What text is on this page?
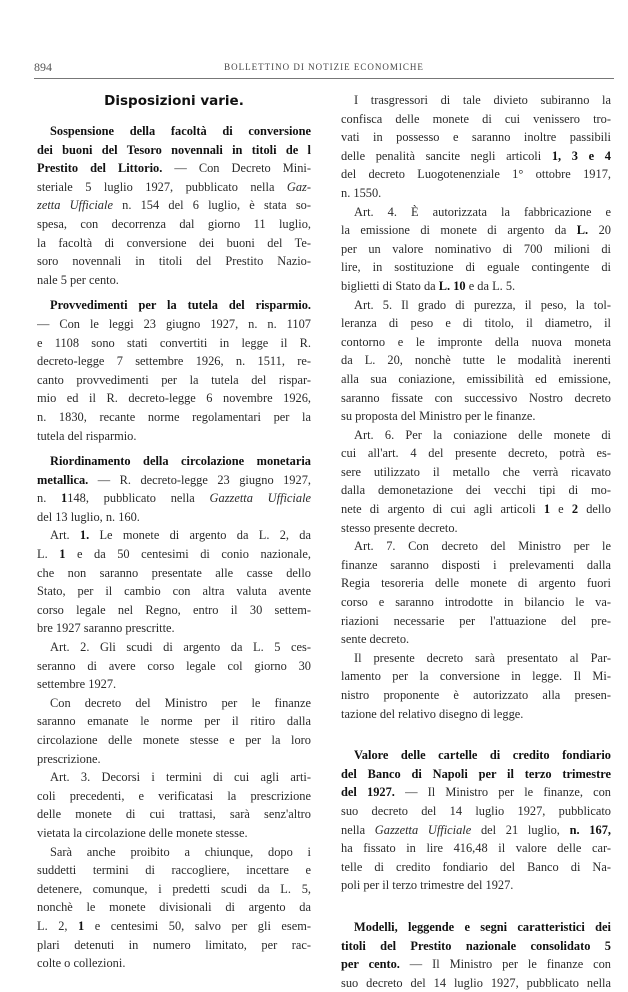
894	BOLLETTINO DI NOTIZIE ECONOMICHE
Disposizioni varie.
Sospensione della facoltà di conversione
dei buoni del Tesoro novennali in titoli de l
Prestito del Littorio. — Con Decreto Mini-
steriale 5 luglio 1927, pubblicato nella Gaz-
zetta Ufficiale n. 154 del 6 luglio, è stata so-
spesa, con decorrenza dal giorno 11 luglio,
la facoltà di conversione dei buoni del Te-
soro novennali in titoli del Prestito Nazio-
nale 5 per cento.
Provvedimenti per la tutela del risparmio.
— Con le leggi 23 giugno 1927, n. n. 1107
e 1108 sono stati convertiti in legge il R.
decreto-legge 7 settembre 1926, n. 1511, re-
canto provvedimenti per la tutela del rispar-
mio ed il R. decreto-legge 6 novembre 1926,
n. 1830, recante norme regolamentari per la
tutela del risparmio.
Riordinamento della circolazione monetaria
metallica. — R. decreto-legge 23 giugno 1927,
n. 1148, pubblicato nella Gazzetta Ufficiale
del 13 luglio, n. 160.
Art. 1. Le monete di argento da L. 2, da
L. 1 e da 50 centesimi di conio nazionale,
che non saranno presentate alle casse dello
Stato, per il cambio con altra valuta avente
corso legale nel Regno, entro il 30 settem-
bre 1927 saranno prescritte.
Art. 2. Gli scudi di argento da L. 5 ces-
seranno di avere corso legale col giorno 30
settembre 1927.
Con decreto del Ministro per le finanze
saranno emanate le norme per il ritiro dalla
circolazione delle monete stesse e per la loro
prescrizione.
Art. 3. Decorsi i termini di cui agli arti-
coli precedenti, e verificatasi la prescrizione
delle monete di cui trattasi, sarà senz'altro
vietata la circolazione delle monete stesse.
Sarà anche proibito a chiunque, dopo i
suddetti termini di raccogliere, incettare e
detenere, comunque, i predetti scudi da L. 5,
nonchè le monete divisionali di argento da
L. 2, 1 e centesimi 50, salvo per gli esem-
plari detenuti in numero limitato, per rac-
colte o collezioni.
I trasgressori di tale divieto subiranno la
confisca delle monete di cui venissero tro-
vati in possesso e saranno inoltre passibili
delle penalità sancite negli articoli 1, 3 e 4
del decreto Luogotenenziale 1° ottobre 1917,
n. 1550.
Art. 4. È autorizzata la fabbricazione e
la emissione di monete di argento da L. 20
per un valore nominativo di 700 milioni di
lire, in sostituzione di eguale contingente di
biglietti di Stato da L. 10 e da L. 5.
Art. 5. Il grado di purezza, il peso, la tol-
leranza di peso e di titolo, il diametro, il
contorno e le impronte della nuova moneta
da L. 20, nonchè tutte le modalità inerenti
alla sua coniazione, emissibilità ed emissione,
saranno fissate con successivo Nostro decreto
su proposta del Ministro per le finanze.
Art. 6. Per la coniazione delle monete di
cui all'art. 4 del presente decreto, potrà es-
sere utilizzato il metallo che verrà ricavato
dalla demonetazione dei vecchi tipi di mo-
nete di argento di cui agli articoli 1 e 2 dello
stesso presente decreto.
Art. 7. Con decreto del Ministro per le
finanze saranno disposti i prelevamenti dalla
Regia tesoreria delle monete di argento fuori
corso e saranno introdotte in bilancio le va-
riazioni necessarie per l'attuazione del pre-
sente decreto.
Il presente decreto sarà presentato al Par-
lamento per la conversione in legge. Il Mi-
nistro proponente è autorizzato alla presen-
tazione del relativo disegno di legge.
Valore delle cartelle di credito fondiario
del Banco di Napoli per il terzo trimestre
del 1927. — Il Ministro per le finanze, con
suo decreto del 14 luglio 1927, pubblicato
nella Gazzetta Ufficiale del 21 luglio, n. 167,
ha fissato in lire 416,48 il valore delle car-
telle di credito fondiario del Banco di Na-
poli per il terzo trimestre del 1927.
Modelli, leggende e segni caratteristici dei
titoli del Prestito nazionale consolidato 5
per cento. — Il Ministro per le finanze con
suo decreto del 14 luglio 1927, pubblicato nella
